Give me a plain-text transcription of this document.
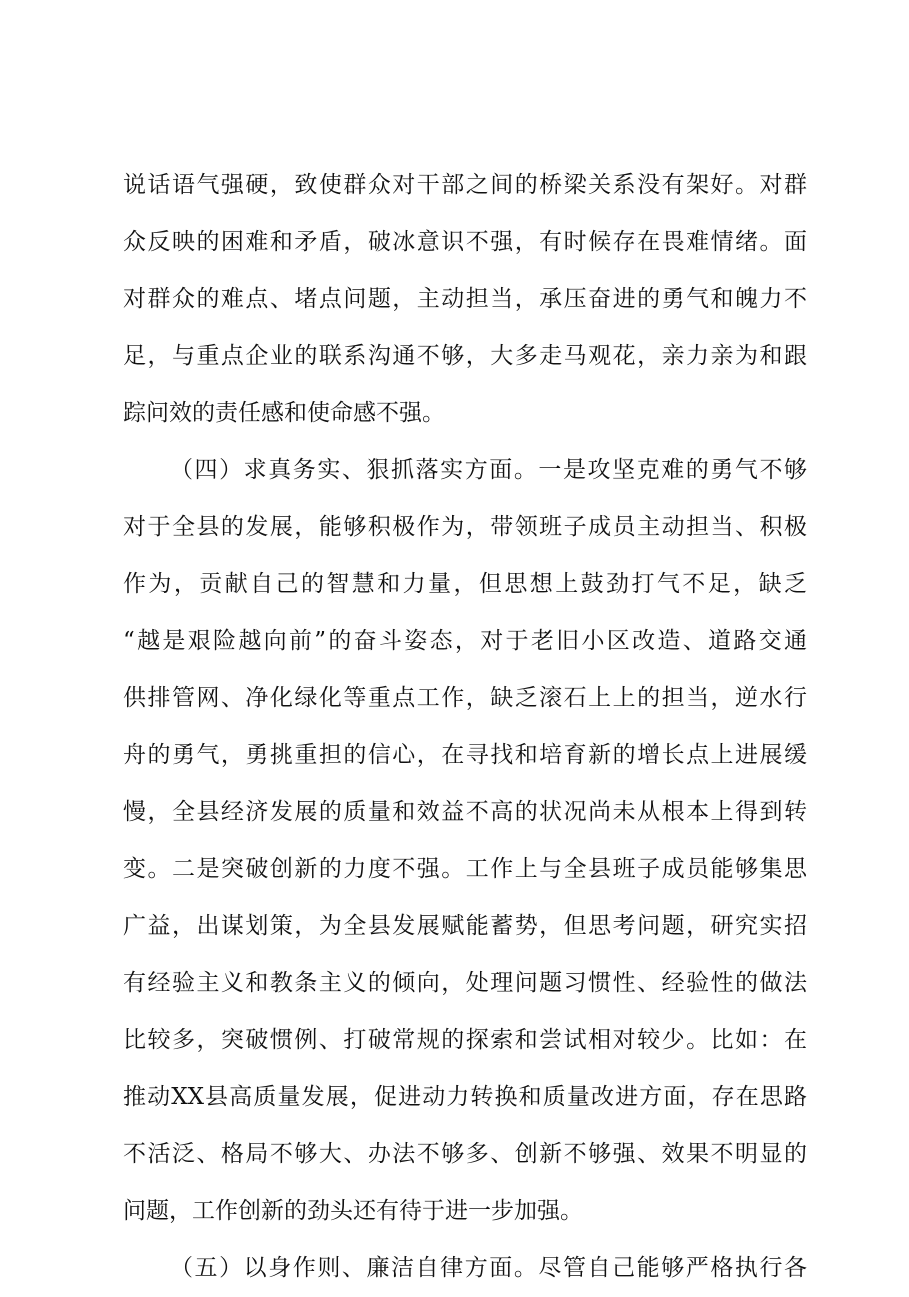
说话语气强硬，致使群众对干部之间的桥梁关系没有架好。对群
众反映的困难和矛盾，破冰意识不强，有时候存在畏难情绪。面
对群众的难点、堵点问题，主动担当，承压奋进的勇气和魄力不
足，与重点企业的联系沟通不够，大多走马观花，亲力亲为和跟
踪问效的责任感和使命感不强。
（四）求真务实、狠抓落实方面。一是攻坚克难的勇气不够
对于全县的发展，能够积极作为，带领班子成员主动担当、积极
作为，贡献自己的智慧和力量，但思想上鼓劲打气不足，缺乏
“越是艰险越向前”的奋斗姿态，对于老旧小区改造、道路交通
供排管网、净化绿化等重点工作，缺乏滚石上上的担当，逆水行
舟的勇气，勇挑重担的信心，在寻找和培育新的增长点上进展缓
慢，全县经济发展的质量和效益不高的状况尚未从根本上得到转
变。二是突破创新的力度不强。工作上与全县班子成员能够集思
广益，出谋划策，为全县发展赋能蓄势，但思考问题，研究实招
有经验主义和教条主义的倾向，处理问题习惯性、经验性的做法
比较多，突破惯例、打破常规的探索和尝试相对较少。比如：在
推动XX县高质量发展，促进动力转换和质量改进方面，存在思路
不活泛、格局不够大、办法不够多、创新不够强、效果不明显的
问题，工作创新的劲头还有待于进一步加强。
（五）以身作则、廉洁自律方面。尽管自己能够严格执行各
